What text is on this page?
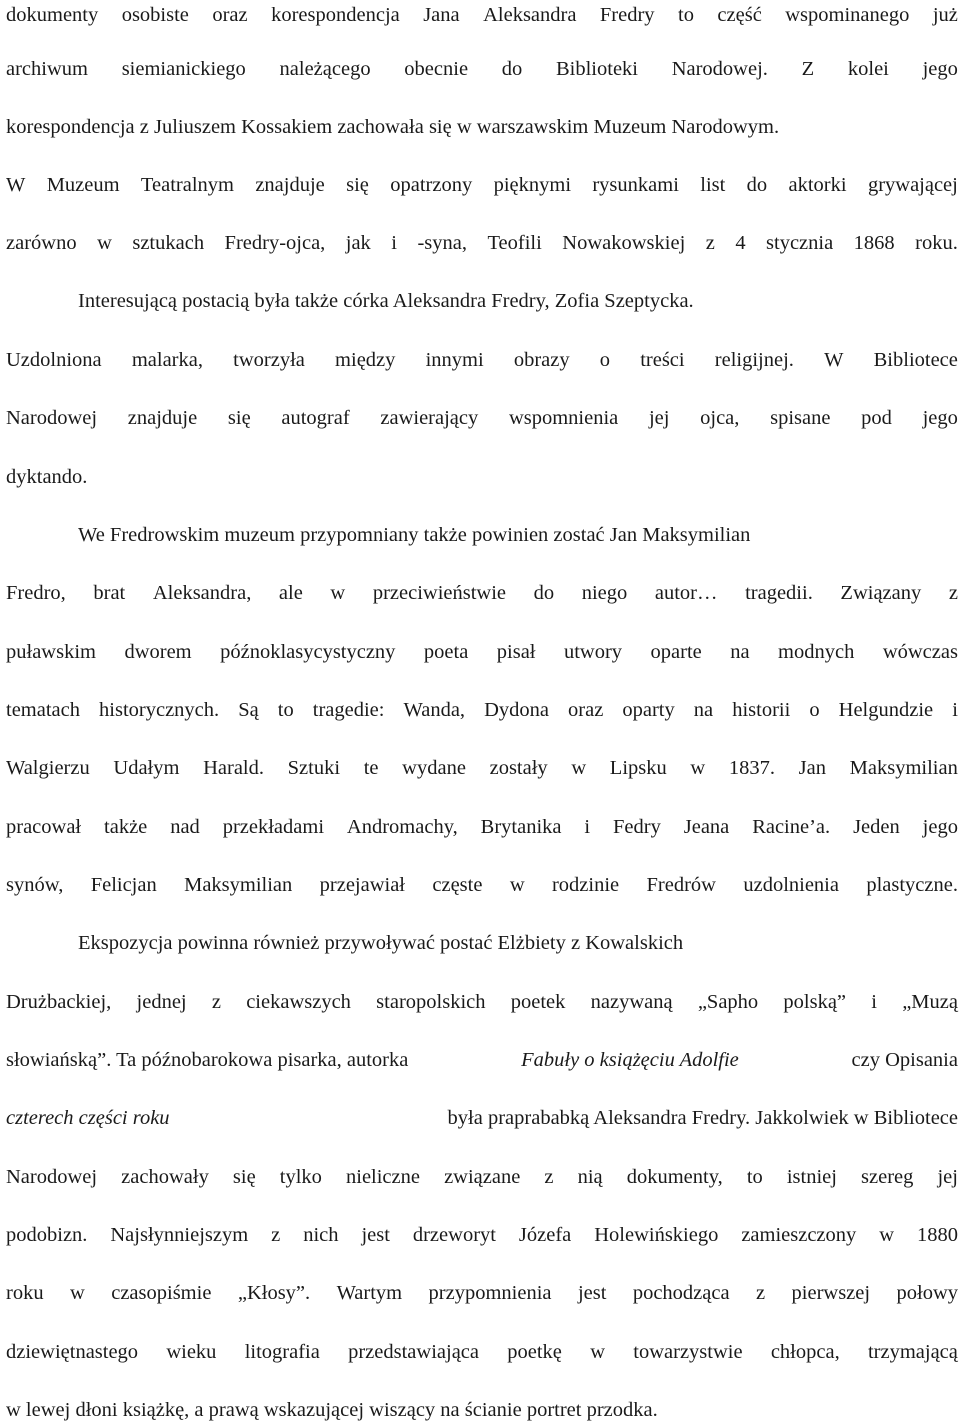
dokumenty osobiste oraz korespondencja Jana Aleksandra Fredry to część wspominanego już
archiwum siemianickiego należącego obecnie do Biblioteki Narodowej. Z kolei jego
korespondencja z Juliuszem Kossakiem zachowała się w warszawskim Muzeum Narodowym.
W Muzeum Teatralnym znajduje się opatrzony pięknymi rysunkami list do aktorki grywającej
zarówno w sztukach Fredry-ojca, jak i -syna, Teofili Nowakowskiej z 4 stycznia 1868 roku.
Interesującą postacią była także córka Aleksandra Fredry, Zofia Szeptycka.
Uzdolniona malarka, tworzyła między innymi obrazy o treści religijnej. W Bibliotece
Narodowej znajduje się autograf zawierający wspomnienia jej ojca, spisane pod jego
dyktando.
We Fredrowskim muzeum przypomniany także powinien zostać Jan Maksymilian
Fredro, brat Aleksandra, ale w przeciwieństwie do niego autor… tragedii. Związany z
puławskim dworem późnoklasycystyczny poeta pisał utwory oparte na modnych wówczas
tematach historycznych. Są to tragedie: Wanda, Dydona oraz oparty na historii o Helgundzie i
Walgierzu Udałym Harald. Sztuki te wydane zostały w Lipsku w 1837. Jan Maksymilian
pracował także nad przekładami Andromachy, Brytanika i Fedry Jeana Racine’a. Jeden jego
synów, Felicjan Maksymilian przejawiał częste w rodzinie Fredrów uzdolnienia plastyczne.
Ekspozycja powinna również przywoływać postać Elżbiety z Kowalskich
Drużbackiej, jednej z ciekawszych staropolskich poetek nazywaną „Sapho polską” i „Muzą
słowiańską”. Ta późnobarokowa pisarka, autorka	Fabuły o książęciu Adolfie	czy Opisania
czterech części roku	była praprababką Aleksandra Fredry. Jakkolwiek w Bibliotece
Narodowej zachowały się tylko nieliczne związane z nią dokumenty, to istniej szereg jej
podobizn. Najsłynniejszym z nich jest drzeworyt Józefa Holewińskiego zamieszczony w 1880
roku w czasopiśmie „Kłosy”. Wartym przypomnienia jest pochodząca z pierwszej połowy
dziewiętnastego wieku litografia przedstawiająca poetkę w towarzystwie chłopca, trzymającą
w lewej dłoni książkę, a prawą wskazującej wiszący na ścianie portret przodka.
